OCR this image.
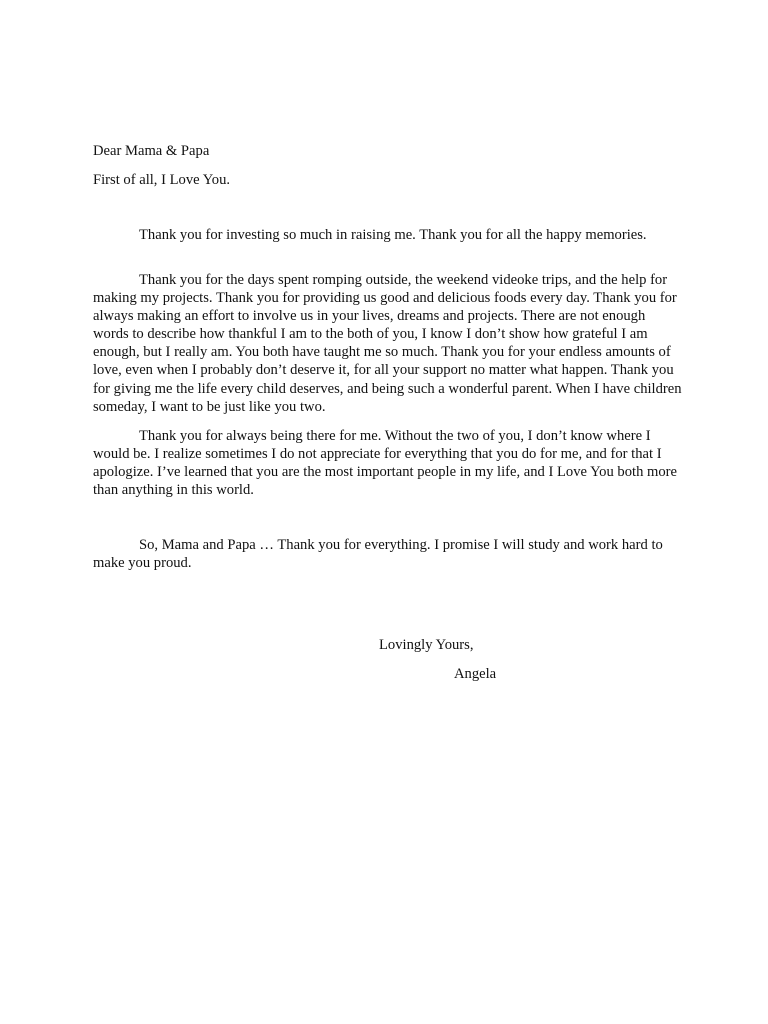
Dear Mama & Papa

First of all, I Love You.

Thank you for investing so much in raising me. Thank you for all the happy memories.

Thank you for the days spent romping outside, the weekend videoke trips, and the help for making my projects. Thank you for providing us good and delicious foods every day. Thank you for always making an effort to involve us in your lives, dreams and projects. There are not enough words to describe how thankful I am to the both of you, I know I don’t show how grateful I am enough, but I really am. You both have taught me so much. Thank you for your endless amounts of love, even when I probably don’t deserve it, for all your support no matter what happen. Thank you for giving me the life every child deserves, and being such a wonderful parent. When I have children someday, I want to be just like you two.

Thank you for always being there for me. Without the two of you, I don’t know where I would be. I realize sometimes I do not appreciate for everything that you do for me, and for that I apologize. I’ve learned that you are the most important people in my life, and I Love You both more than anything in this world.

So, Mama and Papa … Thank you for everything. I promise I will study and work hard to make you proud.

Lovingly Yours,

Angela
